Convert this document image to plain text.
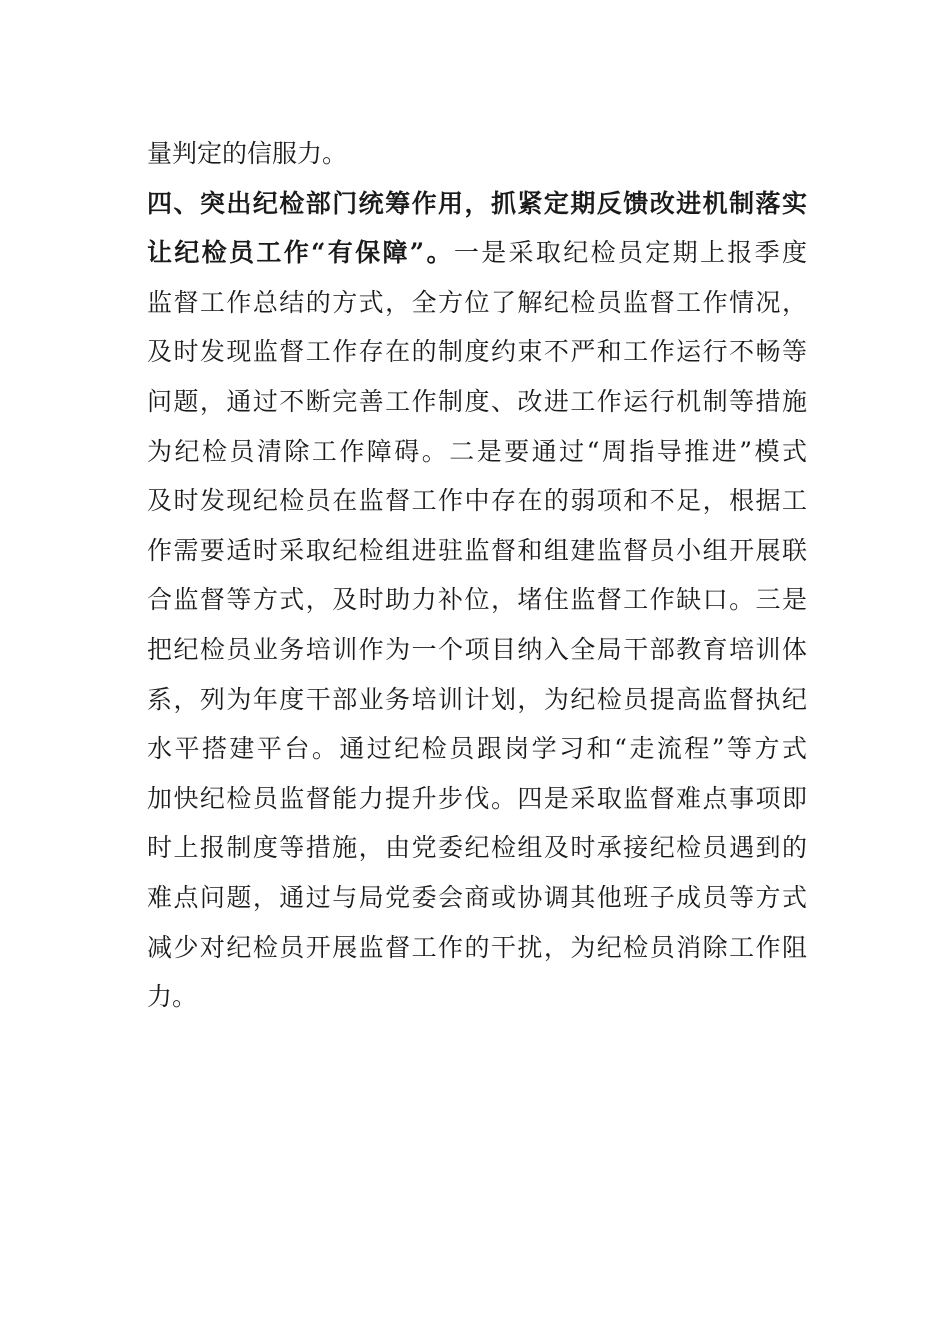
量判定的信服力。
四、突出纪检部门统筹作用，抓紧定期反馈改进机制落实
让纪检员工作“有保障”。一是采取纪检员定期上报季度
监督工作总结的方式，全方位了解纪检员监督工作情况，
及时发现监督工作存在的制度约束不严和工作运行不畅等
问题，通过不断完善工作制度、改进工作运行机制等措施
为纪检员清除工作障碍。二是要通过“周指导推进”模式
及时发现纪检员在监督工作中存在的弱项和不足，根据工
作需要适时采取纪检组进驻监督和组建监督员小组开展联
合监督等方式，及时助力补位，堵住监督工作缺口。三是
把纪检员业务培训作为一个项目纳入全局干部教育培训体
系，列为年度干部业务培训计划，为纪检员提高监督执纪
水平搭建平台。通过纪检员跟岗学习和“走流程”等方式
加快纪检员监督能力提升步伐。四是采取监督难点事项即
时上报制度等措施，由党委纪检组及时承接纪检员遇到的
难点问题，通过与局党委会商或协调其他班子成员等方式
减少对纪检员开展监督工作的干扰，为纪检员消除工作阻
力。
